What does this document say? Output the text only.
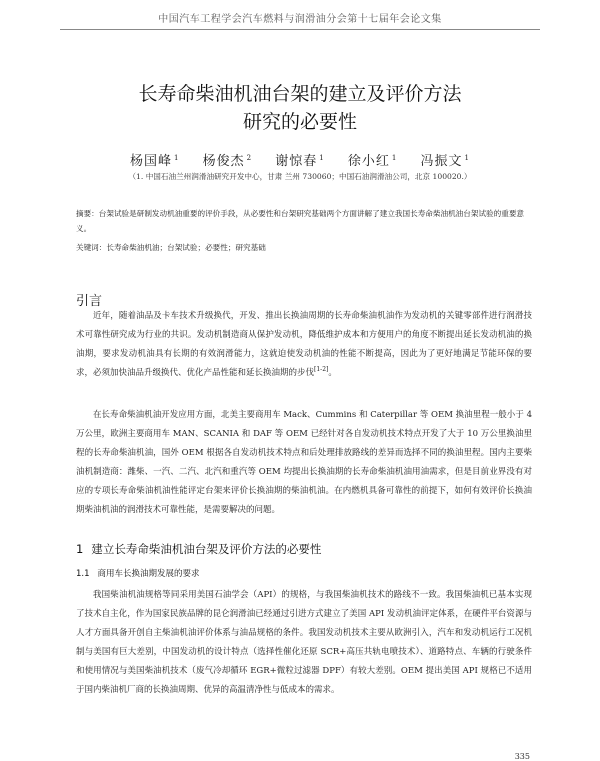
中国汽车工程学会汽车燃料与润滑油分会第十七届年会论文集
长寿命柴油机油台架的建立及评价方法
研究的必要性
杨国峰 $^1$ 杨俊杰 $^2$ 谢惊春 $^1$ 徐小红 $^1$ 冯振文 $^1$
（1. 中国石油兰州润滑油研究开发中心，甘肃 兰州 730060；中国石油润滑油公司，北京 100020.）
摘要：台架试验是研制发动机油重要的评价手段，从必要性和台架研究基础两个方面讲解了建立我国长寿命柴油机油台架试验的重要意义。
关键词：长寿命柴油机油；台架试验；必要性；研究基础
引言
近年，随着油品及卡车技术升级换代，开发、推出长换油周期的长寿命柴油机油作为发动机的关键零部件进行润滑技术可靠性研究成为行业的共识。发动机制造商从保护发动机，降低维护成本和方便用户的角度不断提出延长发动机油的换油期，要求发动机油具有长期的有效润滑能力，这就迫使发动机油的性能不断提高，因此为了更好地满足节能环保的要求，必须加快油品升级换代、优化产品性能和延长换油期的步伐[1-2]。
在长寿命柴油机油开发应用方面，北美主要商用车 Mack、Cummins 和 Caterpillar 等 OEM 换油里程一般小于 4 万公里，欧洲主要商用车 MAN、SCANIA 和 DAF 等 OEM 已经针对各自发动机技术特点开发了大于 10 万公里换油里程的长寿命柴油机油，国外 OEM 根据各自发动机技术特点和后处理排放路线的差异而选择不同的换油里程。国内主要柴油机制造商：潍柴、一汽、二汽、北汽和重汽等 OEM 均提出长换油期的长寿命柴油机油用油需求，但是目前业界没有对应的专项长寿命柴油机油性能评定台架来评价长换油期的柴油机油。在内燃机具备可靠性的前提下，如何有效评价长换油期柴油机油的润滑技术可靠性能，是需要解决的问题。
1 建立长寿命柴油机油台架及评价方法的必要性
1.1 商用车长换油期发展的要求
我国柴油机油规格等同采用美国石油学会（API）的规格，与我国柴油机技术的路线不一致。我国柴油机已基本实现了技术自主化，作为国家民族品牌的昆仑润滑油已经通过引进方式建立了美国 API 发动机油评定体系，在硬件平台资源与人才方面具备开创自主柴油机油评价体系与油品规格的条件。我国发动机技术主要从欧洲引入，汽车和发动机运行工况机制与美国有巨大差别，中国发动机的设计特点（选择性催化还原 SCR+高压共轨电喷技术）、道路特点、车辆的行驶条件和使用情况与美国柴油机技术（废气冷却循环 EGR+微粒过滤器 DPF）有较大差别。OEM 提出美国 API 规格已不适用于国内柴油机厂商的长换油周期、优异的高温清净性与低成本的需求。
335
